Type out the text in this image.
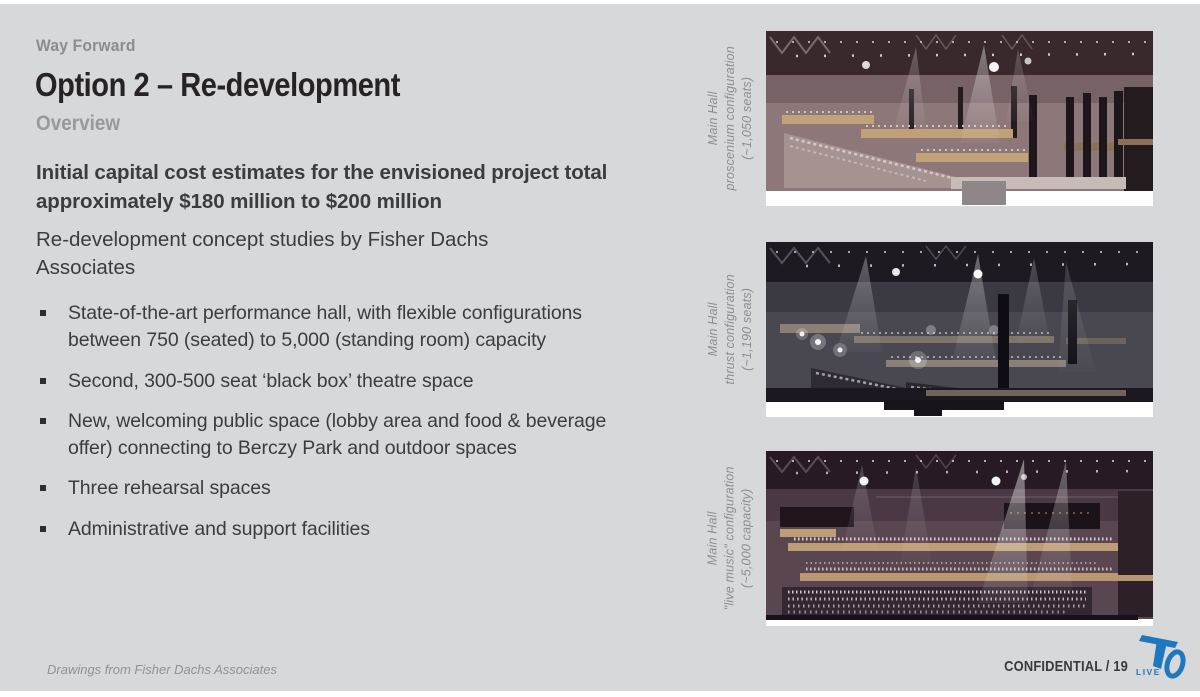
Way Forward
Option 2 – Re-development
Overview

Initial capital cost estimates for the envisioned project total approximately $180 million to $200 million

Re-development concept studies by Fisher Dachs Associates

State-of-the-art performance hall, with flexible configurations between 750 (seated) to 5,000 (standing room) capacity
Second, 300-500 seat ‘black box’ theatre space
New, welcoming public space (lobby area and food & beverage offer) connecting to Berczy Park and outdoor spaces
Three rehearsal spaces
Administrative and support facilities
Main Hall proscenium configuration (~1,050 seats)
Main Hall thrust configuration (~1,190 seats)
Main Hall "live music" configuration (~5,000 capacity)
Drawings from Fisher Dachs Associates	CONFIDENTIAL / 19 LIVE
